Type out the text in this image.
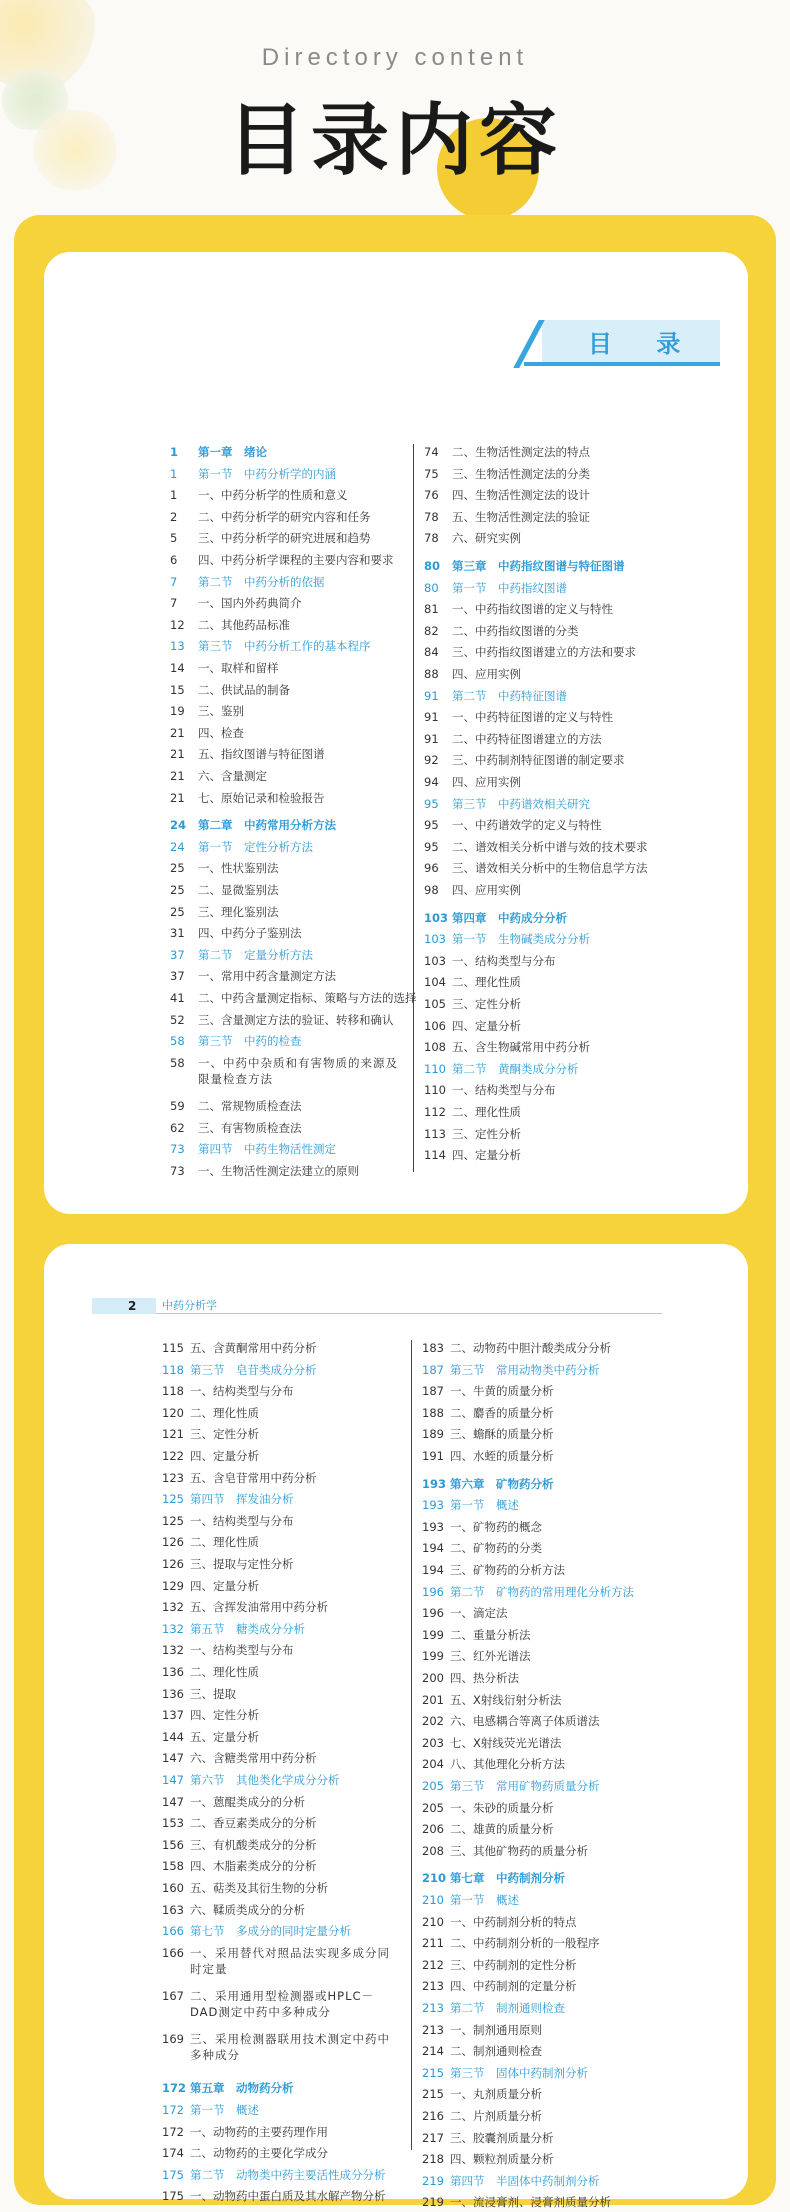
Directory content
目录内容
目 录
2 中药分析学
1	第一章　绪论
1	第一节　中药分析学的内涵
1	一、中药分析学的性质和意义
2	二、中药分析学的研究内容和任务
5	三、中药分析学的研究进展和趋势
6	四、中药分析学课程的主要内容和要求
7	第二节　中药分析的依据
7	一、国内外药典简介
12	二、其他药品标准
13	第三节　中药分析工作的基本程序
14	一、取样和留样
15	二、供试品的制备
19	三、鉴别
21	四、检查
21	五、指纹图谱与特征图谱
21	六、含量测定
21	七、原始记录和检验报告
24	第二章　中药常用分析方法
24	第一节　定性分析方法
25	一、性状鉴别法
25	二、显微鉴别法
25	三、理化鉴别法
31	四、中药分子鉴别法
37	第二节　定量分析方法
37	一、常用中药含量测定方法
41	二、中药含量测定指标、策略与方法的选择
52	三、含量测定方法的验证、转移和确认
58	第三节　中药的检查
58	一、中药中杂质和有害物质的来源及限量检查方法
59	二、常规物质检查法
62	三、有害物质检查法
73	第四节　中药生物活性测定
73	一、生物活性测定法建立的原则
74	二、生物活性测定法的特点
75	三、生物活性测定法的分类
76	四、生物活性测定法的设计
78	五、生物活性测定法的验证
78	六、研究实例
80	第三章　中药指纹图谱与特征图谱
80	第一节　中药指纹图谱
81	一、中药指纹图谱的定义与特性
82	二、中药指纹图谱的分类
84	三、中药指纹图谱建立的方法和要求
88	四、应用实例
91	第二节　中药特征图谱
91	一、中药特征图谱的定义与特性
91	二、中药特征图谱建立的方法
92	三、中药制剂特征图谱的制定要求
94	四、应用实例
95	第三节　中药谱效相关研究
95	一、中药谱效学的定义与特性
95	二、谱效相关分析中谱与效的技术要求
96	三、谱效相关分析中的生物信息学方法
98	四、应用实例
103 第四章　中药成分分析
103 第一节　生物碱类成分分析
103 一、结构类型与分布
104 二、理化性质
105 三、定性分析
106 四、定量分析
108 五、含生物碱常用中药分析
110 第二节　黄酮类成分分析
110 一、结构类型与分布
112 二、理化性质
113 三、定性分析
114 四、定量分析
115 五、含黄酮常用中药分析
118 第三节　皂苷类成分分析
118 一、结构类型与分布
120 二、理化性质
121 三、定性分析
122 四、定量分析
123 五、含皂苷常用中药分析
125 第四节　挥发油分析
125 一、结构类型与分布
126 二、理化性质
126 三、提取与定性分析
129 四、定量分析
132 五、含挥发油常用中药分析
132 第五节　糖类成分分析
132 一、结构类型与分布
136 二、理化性质
136 三、提取
137 四、定性分析
144 五、定量分析
147 六、含糖类常用中药分析
147 第六节　其他类化学成分分析
147 一、蒽醌类成分的分析
153 二、香豆素类成分的分析
156 三、有机酸类成分的分析
158 四、木脂素类成分的分析
160 五、萜类及其衍生物的分析
163 六、鞣质类成分的分析
166 第七节　多成分的同时定量分析
166 一、采用替代对照品法实现多成分同时定量
167 二、采用通用型检测器或HPLC－DAD测定中药中多种成分
169 三、采用检测器联用技术测定中药中多种成分
172 第五章　动物药分析
172 第一节　概述
172 一、动物药的主要药理作用
174 二、动物药的主要化学成分
175 第二节　动物类中药主要活性成分分析
175 一、动物药中蛋白质及其水解产物分析
183 二、动物药中胆汁酸类成分分析
187 第三节　常用动物类中药分析
187 一、牛黄的质量分析
188 二、麝香的质量分析
189 三、蟾酥的质量分析
191 四、水蛭的质量分析
193 第六章　矿物药分析
193 第一节　概述
193 一、矿物药的概念
194 二、矿物药的分类
194 三、矿物药的分析方法
196 第二节　矿物药的常用理化分析方法
196 一、滴定法
199 二、重量分析法
199 三、红外光谱法
200 四、热分析法
201 五、X射线衍射分析法
202 六、电感耦合等离子体质谱法
203 七、X射线荧光光谱法
204 八、其他理化分析方法
205 第三节　常用矿物药质量分析
205 一、朱砂的质量分析
206 二、雄黄的质量分析
208 三、其他矿物药的质量分析
210 第七章　中药制剂分析
210 第一节　概述
210 一、中药制剂分析的特点
211 二、中药制剂分析的一般程序
212 三、中药制剂的定性分析
213 四、中药制剂的定量分析
213 第二节　制剂通则检查
213 一、制剂通用原则
214 二、制剂通则检查
215 第三节　固体中药制剂分析
215 一、丸剂质量分析
216 二、片剂质量分析
217 三、胶囊剂质量分析
218 四、颗粒剂质量分析
219 第四节　半固体中药制剂分析
219 一、流浸膏剂、浸膏剂质量分析
